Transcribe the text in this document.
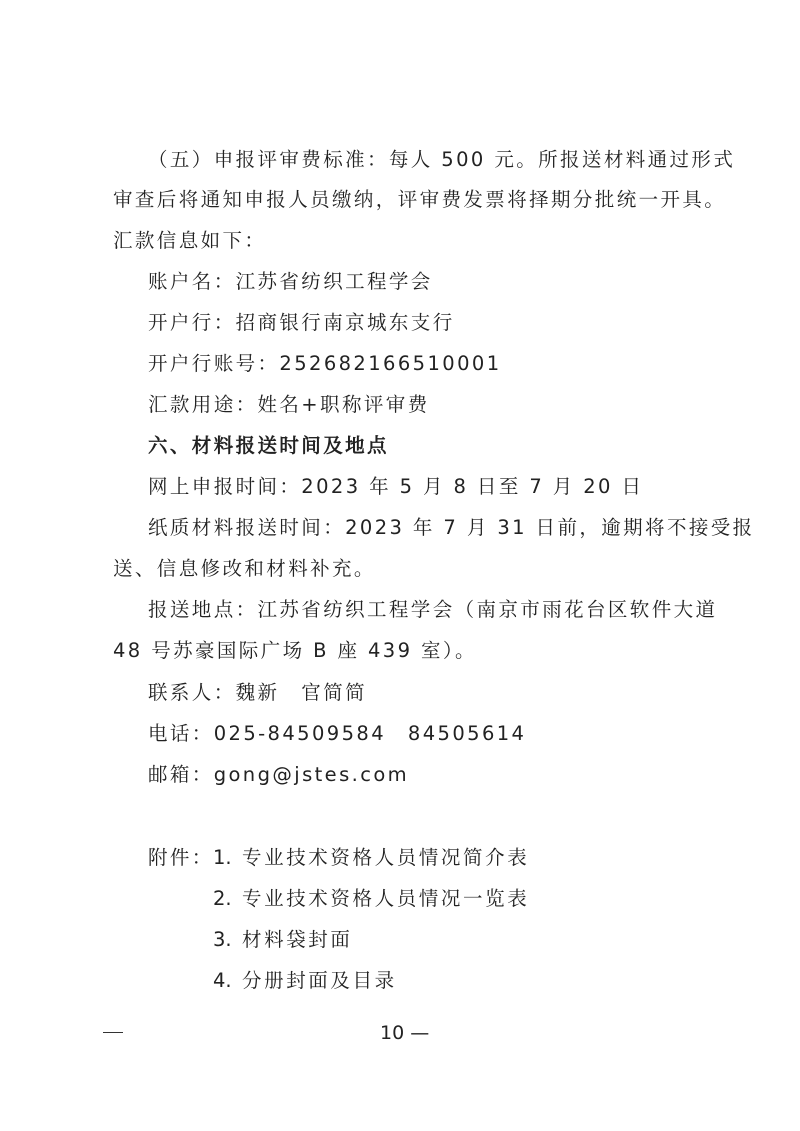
（五）申报评审费标准：每人 500 元。所报送材料通过形式
审查后将通知申报人员缴纳，评审费发票将择期分批统一开具。
汇款信息如下：
账户名：江苏省纺织工程学会
开户行：招商银行南京城东支行
开户行账号：252682166510001
汇款用途：姓名+职称评审费
六、材料报送时间及地点
网上申报时间：2023 年 5 月 8 日至 7 月 20 日
纸质材料报送时间：2023 年 7 月 31 日前，逾期将不接受报
送、信息修改和材料补充。
报送地点：江苏省纺织工程学会（南京市雨花台区软件大道
48 号苏豪国际广场 B 座 439 室）。
联系人：魏新　官简简
电话：025-84509584　84505614
邮箱：gong@jstes.com
附件： 1. 专业技术资格人员情况简介表
2. 专业技术资格人员情况一览表
3. 材料袋封面
4. 分册封面及目录
10 —
